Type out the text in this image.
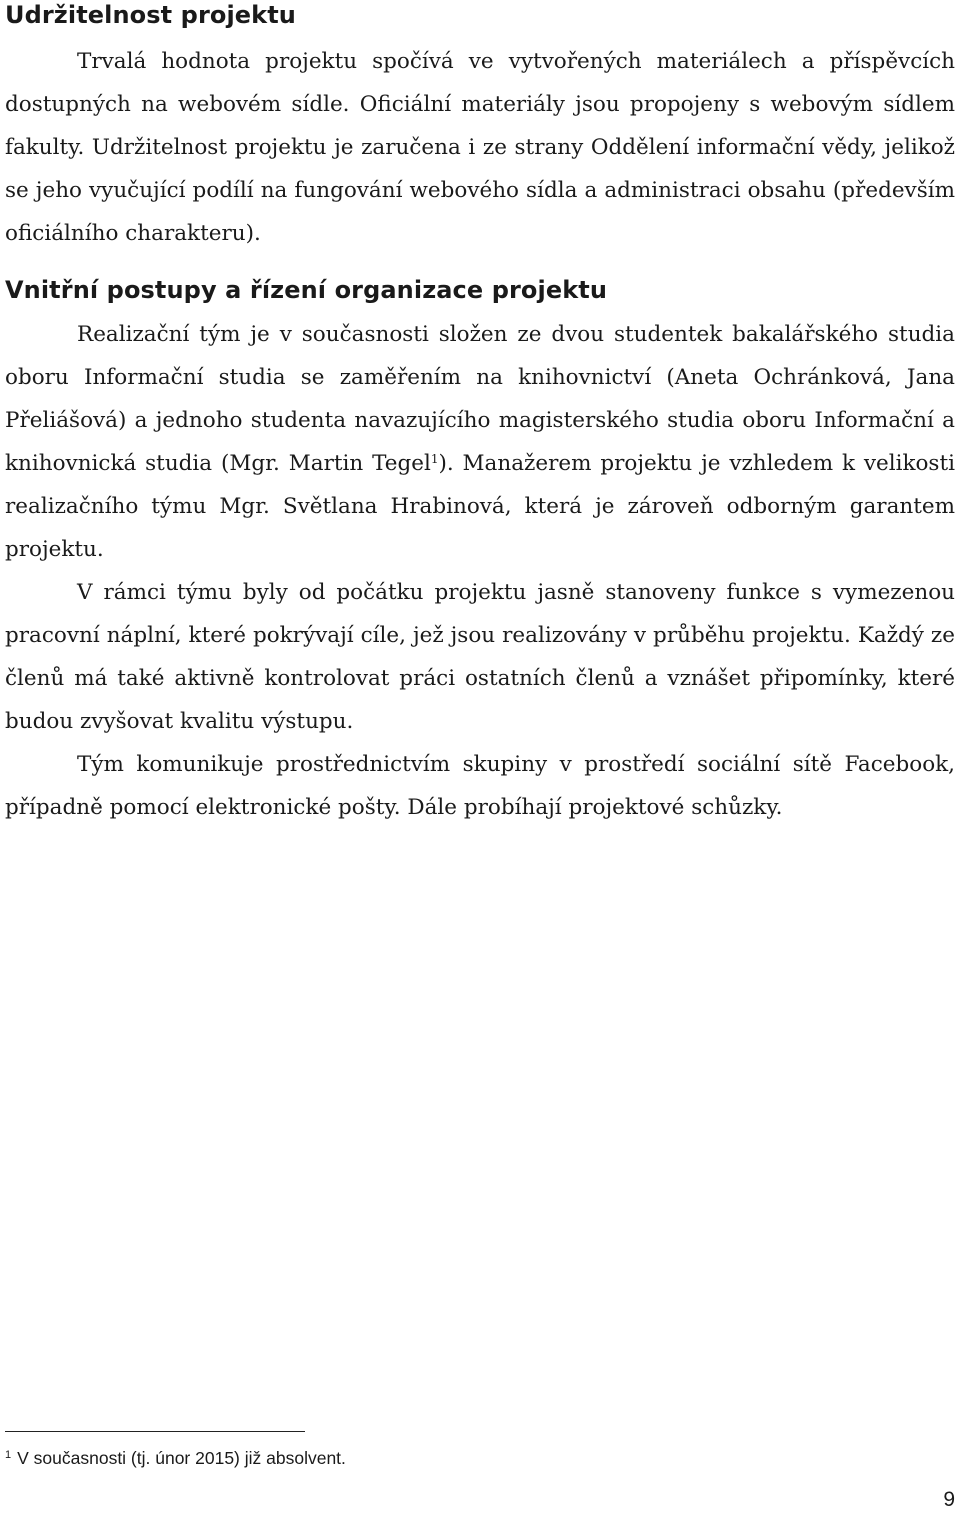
Udržitelnost projektu

Trvalá hodnota projektu spočívá ve vytvořených materiálech a příspěvcích dostupných na webovém sídle. Oficiální materiály jsou propojeny s webovým sídlem fakulty. Udržitelnost projektu je zaručena i ze strany Oddělení informační vědy, jelikož se jeho vyučující podílí na fungování webového sídla a administraci obsahu (především oficiálního charakteru).

Vnitřní postupy a řízení organizace projektu

Realizační tým je v současnosti složen ze dvou studentek bakalářského studia oboru Informační studia se zaměřením na knihovnictví (Aneta Ochránková, Jana Přeliášová) a jednoho studenta navazujícího magisterského studia oboru Informační a knihovnická studia (Mgr. Martin Tegel$^1$). Manažerem projektu je vzhledem k velikosti realizačního týmu Mgr. Světlana Hrabinová, která je zároveň odborným garantem projektu.

V rámci týmu byly od počátku projektu jasně stanoveny funkce s vymezenou pracovní náplní, které pokrývají cíle, jež jsou realizovány v průběhu projektu. Každý ze členů má také aktivně kontrolovat práci ostatních členů a vznášet připomínky, které budou zvyšovat kvalitu výstupu.

Tým komunikuje prostřednictvím skupiny v prostředí sociální sítě Facebook, případně pomocí elektronické pošty. Dále probíhají projektové schůzky.

$^1$ V současnosti (tj. únor 2015) již absolvent.
9
